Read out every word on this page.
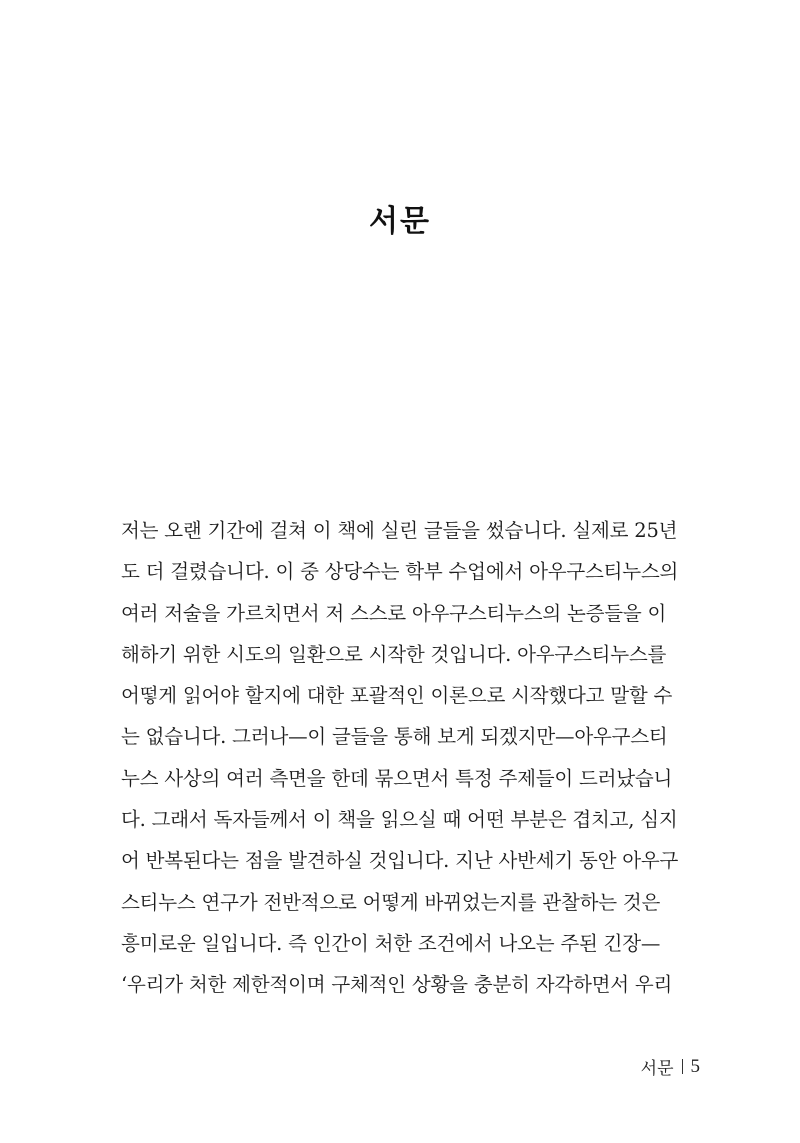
서문
저는 오랜 기간에 걸쳐 이 책에 실린 글들을 썼습니다. 실제로 25년
도 더 걸렸습니다. 이 중 상당수는 학부 수업에서 아우구스티누스의
여러 저술을 가르치면서 저 스스로 아우구스티누스의 논증들을 이
해하기 위한 시도의 일환으로 시작한 것입니다. 아우구스티누스를
어떻게 읽어야 할지에 대한 포괄적인 이론으로 시작했다고 말할 수
는 없습니다. 그러나—이 글들을 통해 보게 되겠지만—아우구스티
누스 사상의 여러 측면을 한데 묶으면서 특정 주제들이 드러났습니
다. 그래서 독자들께서 이 책을 읽으실 때 어떤 부분은 겹치고, 심지
어 반복된다는 점을 발견하실 것입니다. 지난 사반세기 동안 아우구
스티누스 연구가 전반적으로 어떻게 바뀌었는지를 관찰하는 것은
흥미로운 일입니다. 즉 인간이 처한 조건에서 나오는 주된 긴장—
‘우리가 처한 제한적이며 구체적인 상황을 충분히 자각하면서 우리
서문 5
